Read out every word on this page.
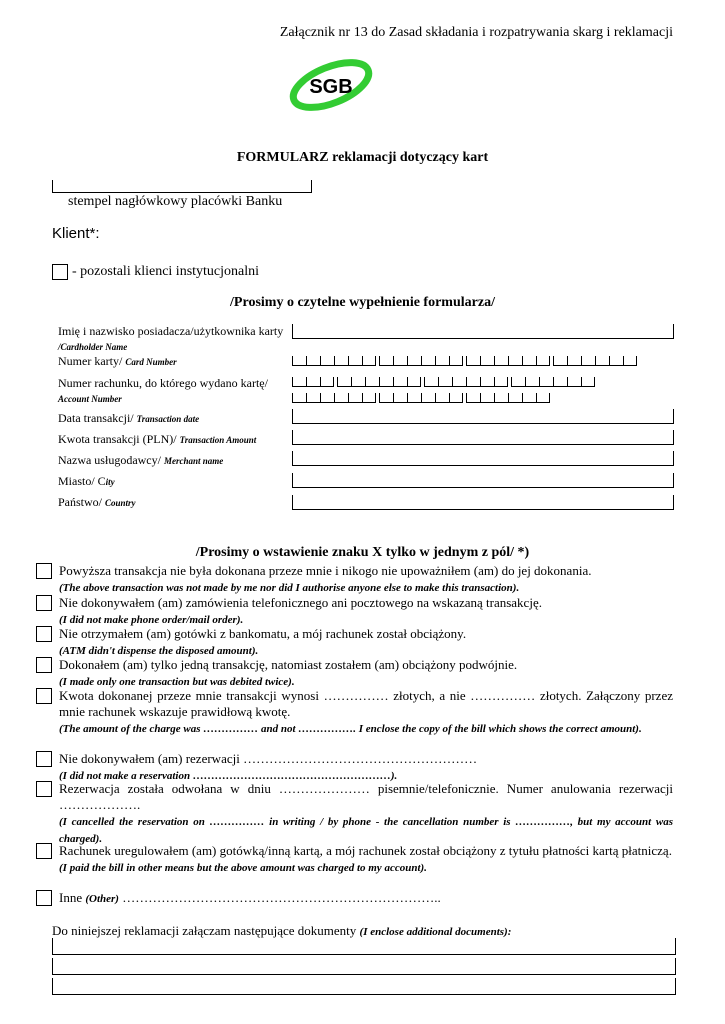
Załącznik nr 13 do Zasad składania i rozpatrywania skarg i reklamacji
SGB
FORMULARZ reklamacji dotyczący kart
stempel nagłówkowy placówki Banku
Klient*:
- pozostali klienci instytucjonalni
/Prosimy o czytelne wypełnienie formularza/
Imię i nazwisko posiadacza/użytkownika karty
/Cardholder Name
Numer karty/ Card Number
Numer rachunku, do którego wydano kartę/
Account Number
Data transakcji/ Transaction date
Kwota transakcji (PLN)/ Transaction Amount
Nazwa usługodawcy/ Merchant name
Miasto/ City
Państwo/ Country
/Prosimy o wstawienie znaku X tylko w jednym z pól/ *)
Powyższa transakcja nie była dokonana przeze mnie i nikogo nie upoważniłem (am) do jej dokonania.
(The above transaction was not made by me nor did I authorise anyone else to make this transaction).
Nie dokonywałem (am) zamówienia telefonicznego ani pocztowego na wskazaną transakcję.
(I did not make phone order/mail order).
Nie otrzymałem (am) gotówki z bankomatu, a mój rachunek został obciążony.
(ATM didn't dispense the disposed amount).
Dokonałem (am) tylko jedną transakcję, natomiast zostałem (am) obciążony podwójnie.
(I made only one transaction but was debited twice).
Kwota dokonanej przeze mnie transakcji wynosi …………… złotych, a nie …………… złotych. Załączony przez mnie rachunek wskazuje prawidłową kwotę.
(The amount of the charge was …………… and not ……………. I enclose the copy of the bill which shows the correct amount).
Nie dokonywałem (am) rezerwacji ………………………………………………
(I did not make a reservation ………………………………………………).
Rezerwacja została odwołana w dniu ………………… pisemnie/telefonicznie. Numer anulowania rezerwacji ……………….
(I cancelled the reservation on …………… in writing / by phone - the cancellation number is ……………, but my account was charged).
Rachunek uregulowałem (am) gotówką/inną kartą, a mój rachunek został obciążony z tytułu płatności kartą płatniczą.
(I paid the bill in other means but the above amount was charged to my account).
Inne (Other) ………………………………………………………………..
Do niniejszej reklamacji załączam następujące dokumenty (I enclose additional documents):
